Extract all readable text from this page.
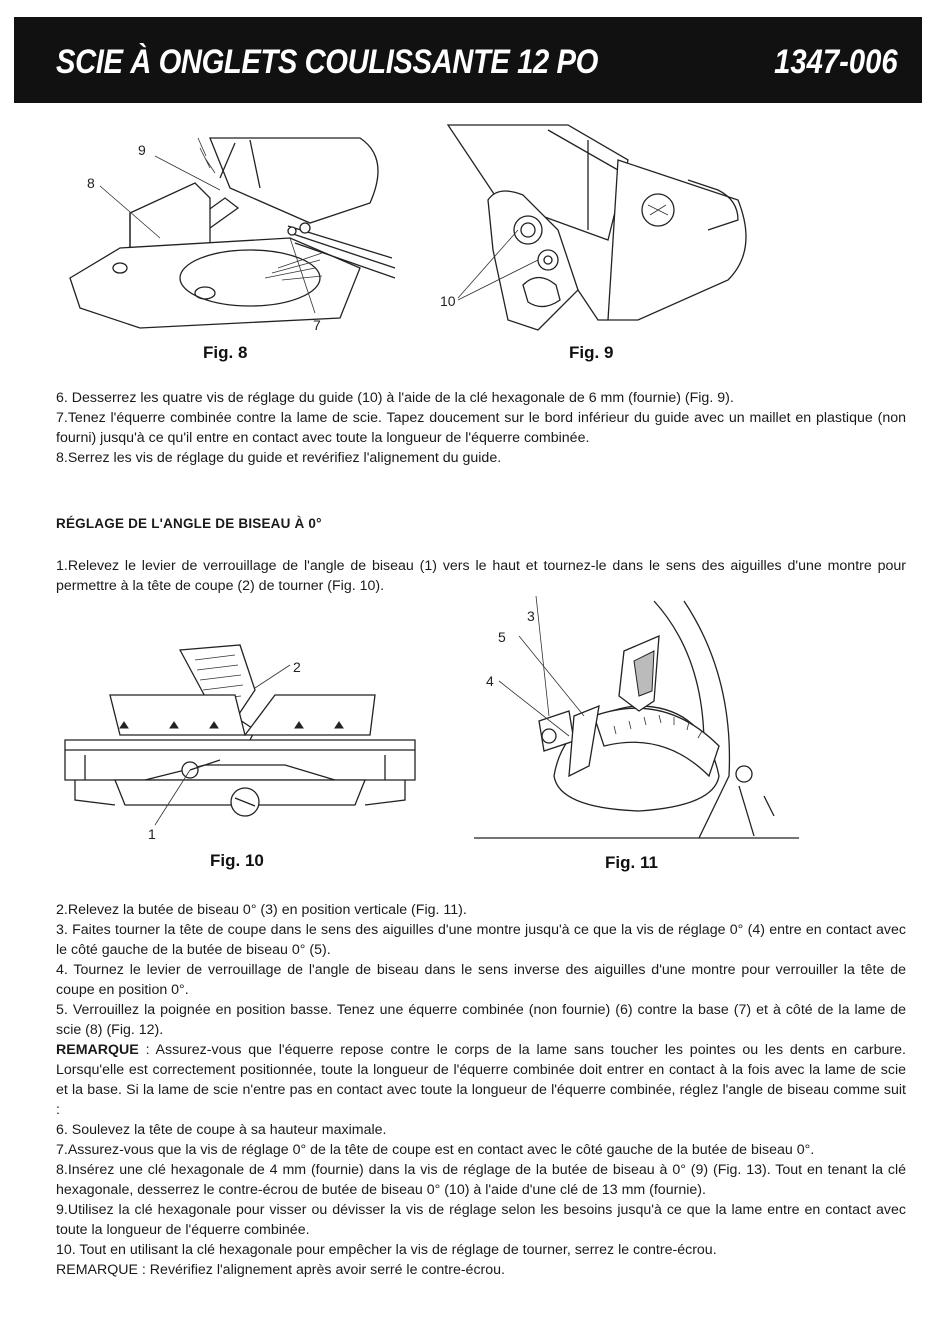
SCIE À ONGLETS COULISSANTE 12 PO	1347-006
9
8
7
Fig. 8
10
Fig. 9

6. Desserrez les quatre vis de réglage du guide (10) à l'aide de la clé hexagonale de 6 mm (fournie) (Fig. 9).

7.Tenez l'équerre combinée contre la lame de scie. Tapez doucement sur le bord inférieur du guide avec un maillet en plastique (non fourni) jusqu'à ce qu'il entre en contact avec toute la longueur de l'équerre combinée.

8.Serrez les vis de réglage du guide et revérifiez l'alignement du guide.

RÉGLAGE DE L'ANGLE DE BISEAU À 0°

1.Relevez le levier de verrouillage de l'angle de biseau (1) vers le haut et tournez-le dans le sens des aiguilles d'une montre pour permettre à la tête de coupe (2) de tourner (Fig. 10).

2
1
Fig. 10
3
5
4
Fig. 11

2.Relevez la butée de biseau 0° (3) en position verticale (Fig. 11).

3. Faites tourner la tête de coupe dans le sens des aiguilles d'une montre jusqu'à ce que la vis de réglage 0° (4) entre en contact avec le côté gauche de la butée de biseau 0° (5).

4. Tournez le levier de verrouillage de l'angle de biseau dans le sens inverse des aiguilles d'une montre pour verrouiller la tête de coupe en position 0°.

5. Verrouillez la poignée en position basse. Tenez une équerre combinée (non fournie) (6) contre la base (7) et à côté de la lame de scie (8) (Fig. 12).

REMARQUE : Assurez-vous que l'équerre repose contre le corps de la lame sans toucher les pointes ou les dents en carbure. Lorsqu'elle est correctement positionnée, toute la longueur de l'équerre combinée doit entrer en contact à la fois avec la lame de scie et la base. Si la lame de scie n'entre pas en contact avec toute la longueur de l'équerre combinée, réglez l'angle de biseau comme suit :

6. Soulevez la tête de coupe à sa hauteur maximale.

7.Assurez-vous que la vis de réglage 0° de la tête de coupe est en contact avec le côté gauche de la butée de biseau 0°.

8.Insérez une clé hexagonale de 4 mm (fournie) dans la vis de réglage de la butée de biseau à 0° (9) (Fig. 13). Tout en tenant la clé hexagonale, desserrez le contre-écrou de butée de biseau 0° (10) à l'aide d'une clé de 13 mm (fournie).

9.Utilisez la clé hexagonale pour visser ou dévisser la vis de réglage selon les besoins jusqu'à ce que la lame entre en contact avec toute la longueur de l'équerre combinée.

10. Tout en utilisant la clé hexagonale pour empêcher la vis de réglage de tourner, serrez le contre-écrou.

REMARQUE : Revérifiez l'alignement après avoir serré le contre-écrou.
